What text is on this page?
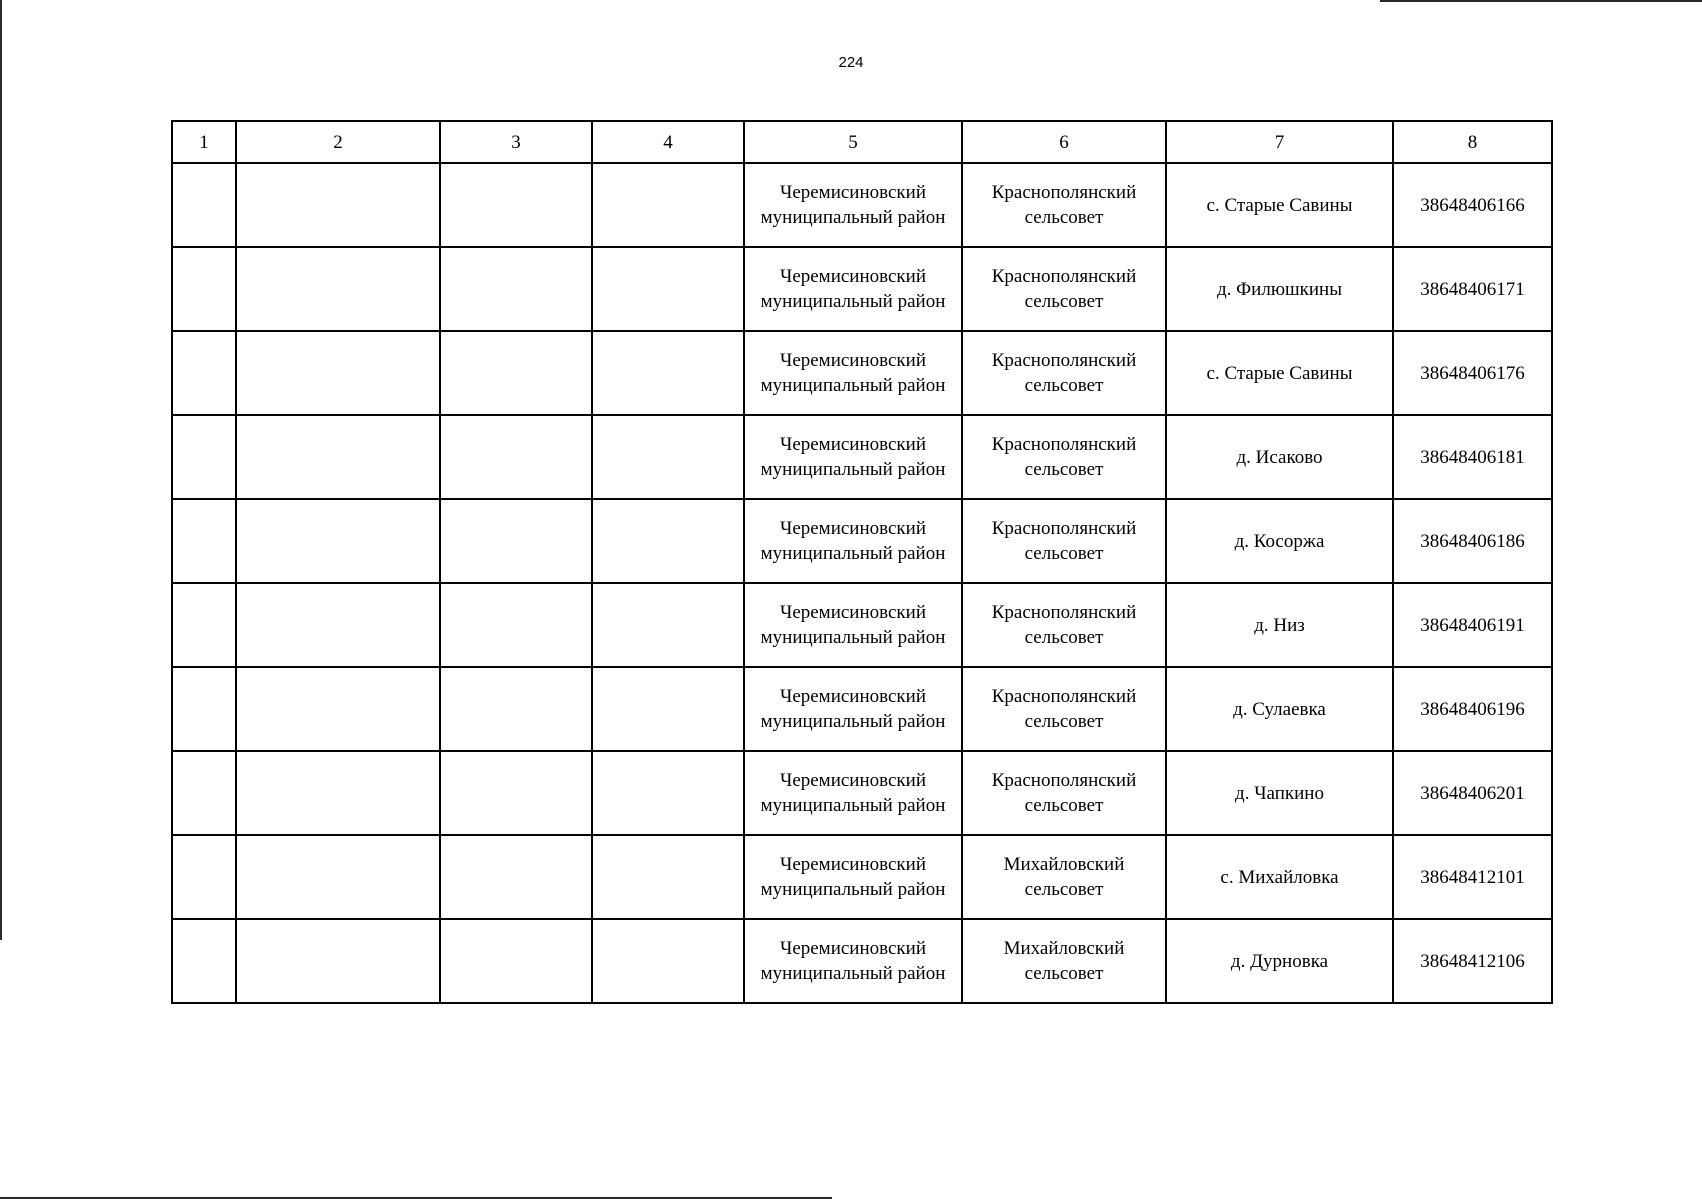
224
1	2	3	4	5	6	7	8
				Черемисиновский муниципальный район	Краснополянский сельсовет	с. Старые Савины	38648406166
				Черемисиновский муниципальный район	Краснополянский сельсовет	д. Филюшкины	38648406171
				Черемисиновский муниципальный район	Краснополянский сельсовет	с. Старые Савины	38648406176
				Черемисиновский муниципальный район	Краснополянский сельсовет	д. Исаково	38648406181
				Черемисиновский муниципальный район	Краснополянский сельсовет	д. Косоржа	38648406186
				Черемисиновский муниципальный район	Краснополянский сельсовет	д. Низ	38648406191
				Черемисиновский муниципальный район	Краснополянский сельсовет	д. Сулаевка	38648406196
				Черемисиновский муниципальный район	Краснополянский сельсовет	д. Чапкино	38648406201
				Черемисиновский муниципальный район	Михайловский сельсовет	с. Михайловка	38648412101
				Черемисиновский муниципальный район	Михайловский сельсовет	д. Дурновка	38648412106
